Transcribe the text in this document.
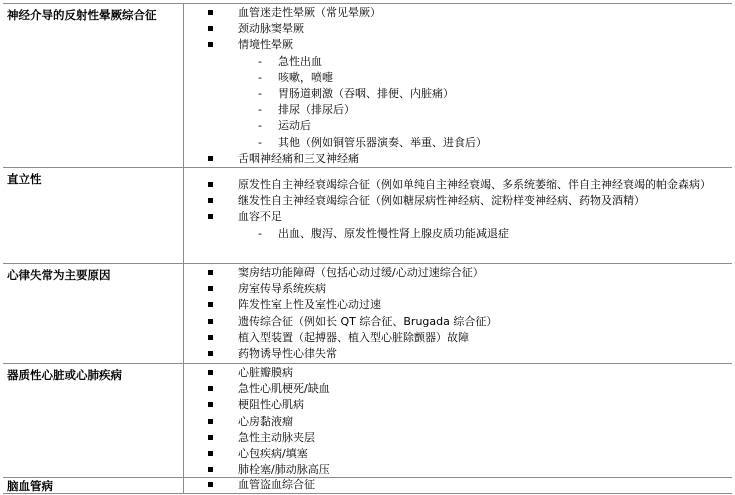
神经介导的反射性晕厥综合征	血管迷走性晕厥（常见晕厥）
颈动脉窦晕厥
情境性晕厥
- 急性出血
- 咳嗽，喷嚏
- 胃肠道刺激（吞咽、排便、内脏痛）
- 排尿（排尿后）
- 运动后
- 其他（例如铜管乐器演奏、举重、进食后）
舌咽神经痛和三叉神经痛
直立性	原发性自主神经衰竭综合征（例如单纯自主神经衰竭、多系统萎缩、伴自主神经衰竭的帕金森病）
继发性自主神经衰竭综合征（例如糖尿病性神经病、淀粉样变神经病、药物及酒精）
血容不足
- 出血、腹泻、原发性慢性肾上腺皮质功能减退症
心律失常为主要原因	窦房结功能障碍（包括心动过缓/心动过速综合征）
房室传导系统疾病
阵发性室上性及室性心动过速
遗传综合征（例如长 QT 综合征、Brugada 综合征）
植入型装置（起搏器、植入型心脏除颤器）故障
药物诱导性心律失常
器质性心脏或心肺疾病	心脏瓣膜病
急性心肌梗死/缺血
梗阻性心肌病
心房黏液瘤
急性主动脉夹层
心包疾病/填塞
肺栓塞/肺动脉高压
脑血管病	血管盗血综合征
